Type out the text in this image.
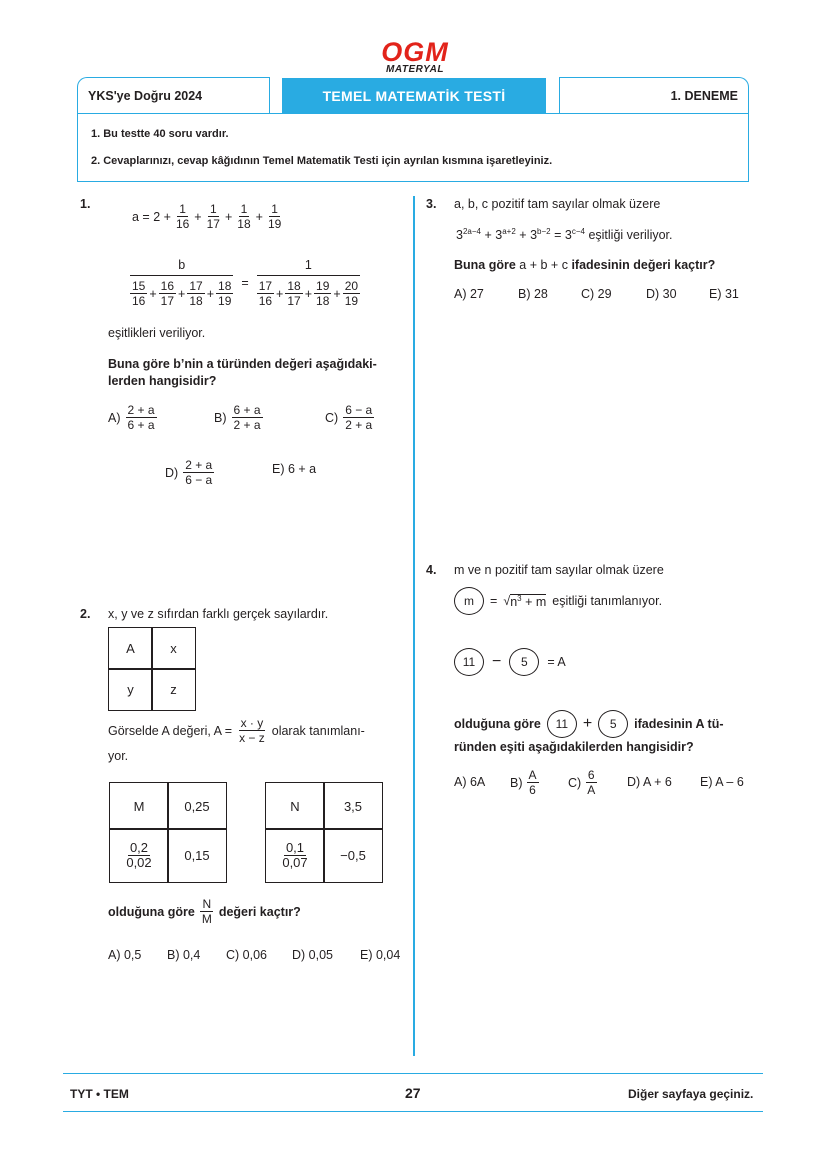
OGM
MATERYAL
YKS'ye Doğru 2024	TEMEL MATEMATİK TESTİ	1. DENEME
1. Bu testte 40 soru vardır.
2. Cevaplarınızı, cevap kâğıdının Temel Matematik Testi için ayrılan kısmına işaretleyiniz.
1.
$a = 2 + \frac{1}{16} + \frac{1}{17} + \frac{1}{18} + \frac{1}{19}$
b
15
16
+ $\frac{16}{17} + \frac{17}{18} + \frac{18}{19}$ =
1
17
16
+ $\frac{18}{17} + \frac{19}{18} + \frac{20}{19}$
eşitlikleri veriliyor.
Buna göre b’nin a türünden değeri aşağıdaki-
lerden hangisidir?
A)
2 + a
6 + a
B)
6 + a
2 + a
C)
6 − a
2 + a
D)
2 + a
6 − a
E) 6 + a
2. x, y ve z sıfırdan farklı gerçek sayılardır.
A	x
y	z
Görselde A değeri, $A = \frac{x \cdot y}{x - z}$ olarak tanımlanı-
yor.
M	0,25
0,2
0,02	0,15
N	3,5
0,1
0,07	−0,5
olduğuna göre
N
M
değeri kaçtır?
A) 0,5 B) 0,4 C) 0,06 D) 0,05 E) 0,04
3. a, b, c pozitif tam sayılar olmak üzere
$3^{2a-4} + 3^{a+2} + 3^{b-2} = 3^{c-4}$ eşitliği veriliyor.
Buna göre a + b + c ifadesinin değeri kaçtır?
A) 27	B) 28	C) 29	D) 30	E) 31
4. m ve n pozitif tam sayılar olmak üzere
m	= $√n^3 + m$ eşitliği tanımlanıyor.
11	−	5	= A
olduğuna göre	11 +	5	ifadesinin A tü-
ründen eşiti aşağıdakilerden hangisidir?
A) 6A B)
A
6
C)
6
A
D) A + 6 E) A – 6
TYT • TEM	27	Diğer sayfaya geçiniz.
